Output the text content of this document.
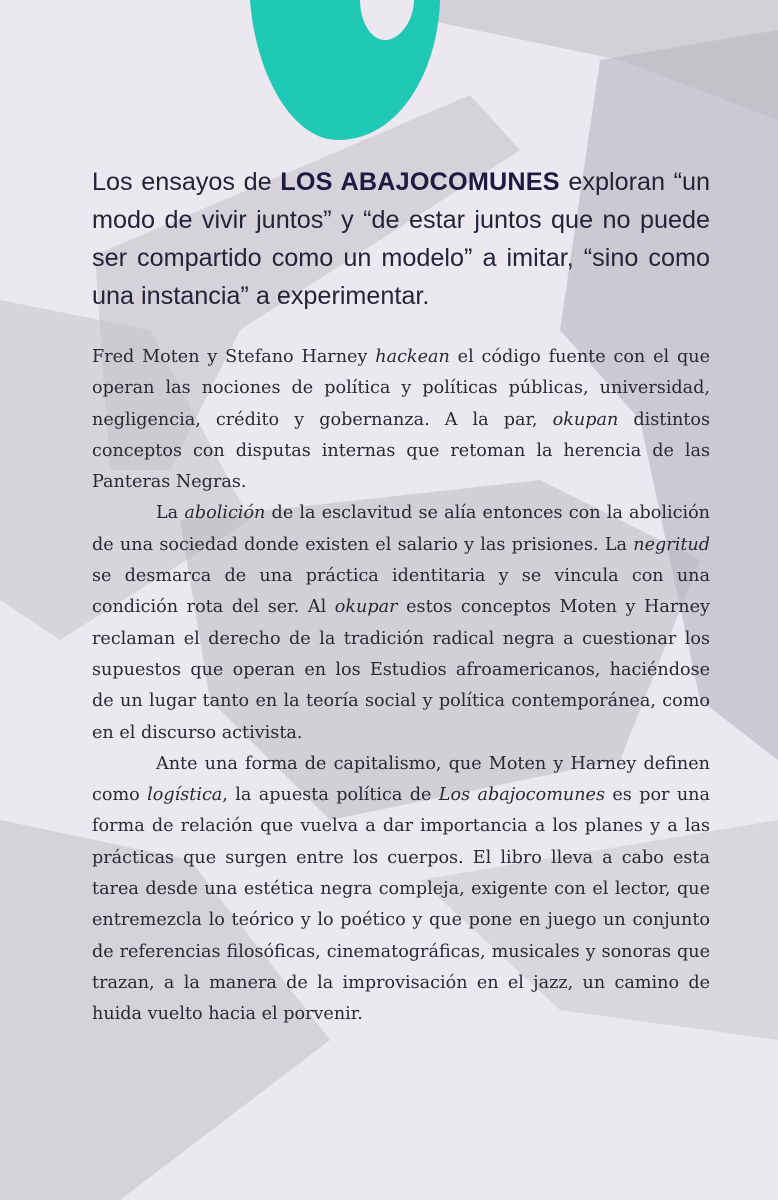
Los ensayos de LOS ABAJOCOMUNES exploran “un modo de vivir juntos” y “de estar juntos que no puede ser compartido como un modelo” a imitar, “sino como una instancia” a experimentar.

Fred Moten y Stefano Harney hackean el código fuente con el que operan las nociones de política y políticas públicas, universidad, negligencia, crédito y gobernanza. A la par, okupan distintos conceptos con disputas internas que retoman la herencia de las Panteras Negras.

La abolición de la esclavitud se alía entonces con la abolición de una sociedad donde existen el salario y las prisiones. La negritud se desmarca de una práctica identitaria y se vincula con una condición rota del ser. Al okupar estos conceptos Moten y Harney reclaman el derecho de la tradición radical negra a cuestionar los supuestos que operan en los Estudios afroamericanos, haciéndose de un lugar tanto en la teoría social y política contemporánea, como en el discurso activista.

Ante una forma de capitalismo, que Moten y Harney definen como logística, la apuesta política de Los abajocomunes es por una forma de relación que vuelva a dar importancia a los planes y a las prácticas que surgen entre los cuerpos. El libro lleva a cabo esta tarea desde una estética negra compleja, exigente con el lector, que entremezcla lo teórico y lo poético y que pone en juego un conjunto de referencias filosóficas, cinematográficas, musicales y sonoras que trazan, a la manera de la improvisación en el jazz, un camino de huida vuelto hacia el porvenir.
